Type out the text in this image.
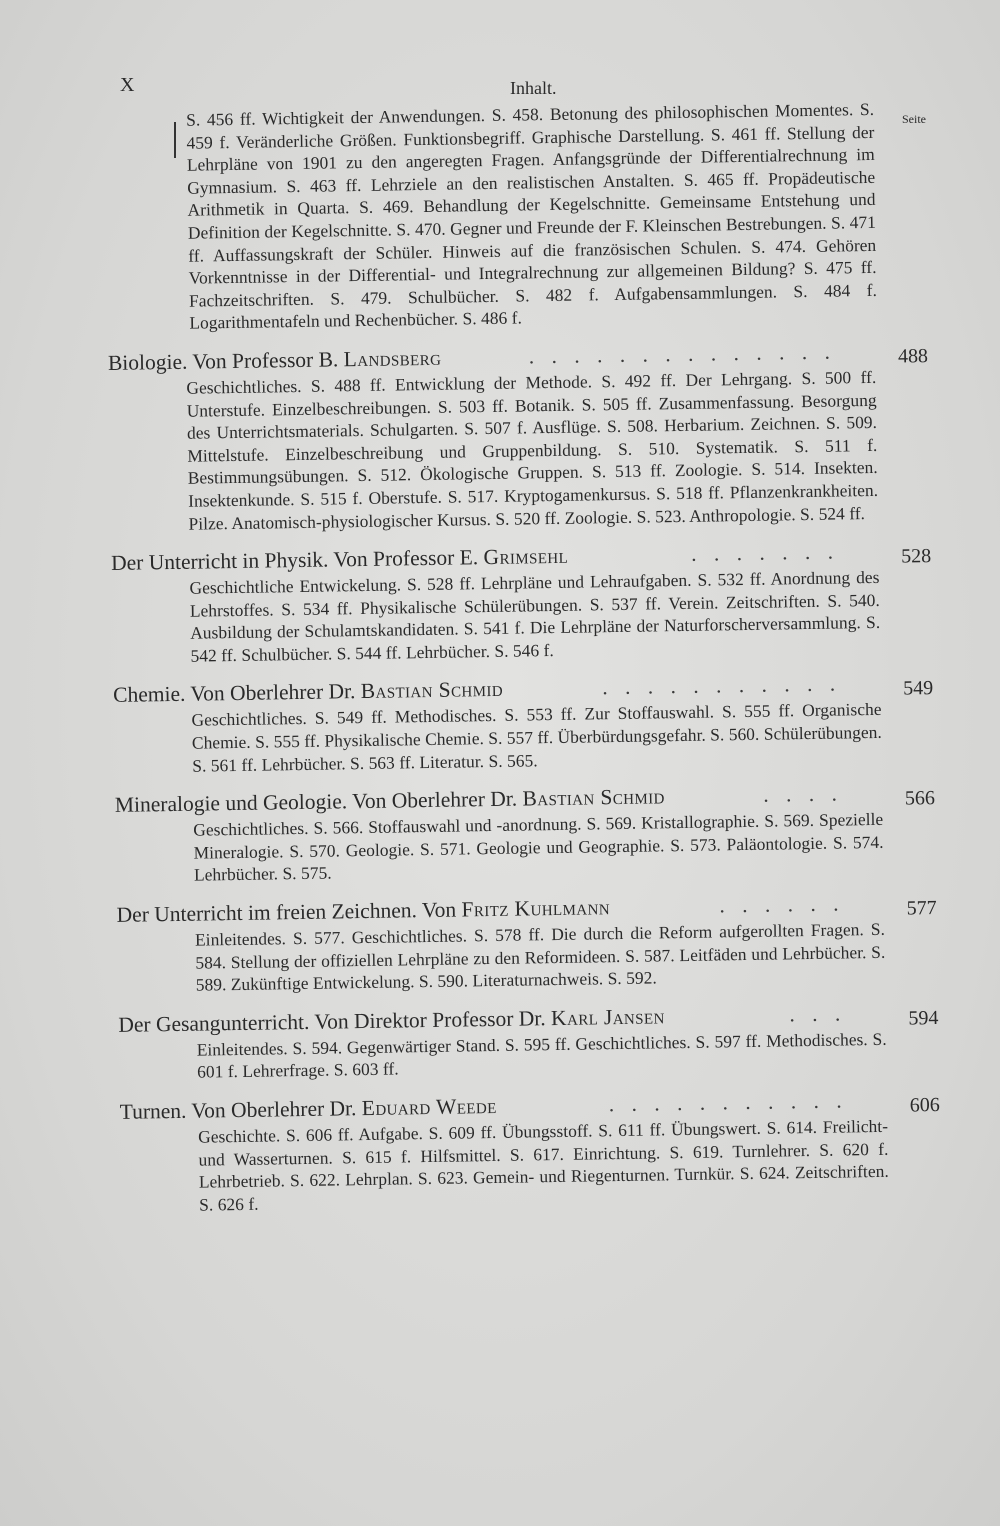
X	Inhalt.
Seite
S. 456 ff. Wichtigkeit der Anwendungen. S. 458. Betonung des philosophischen Momentes. S. 459 f. Veränderliche Größen. Funktionsbegriff. Graphische Darstellung. S. 461 ff. Stellung der Lehrpläne von 1901 zu den angeregten Fragen. Anfangsgründe der Differentialrechnung im Gymnasium. S. 463 ff. Lehrziele an den realistischen Anstalten. S. 465 ff. Propädeutische Arithmetik in Quarta. S. 469. Behandlung der Kegelschnitte. Gemeinsame Entstehung und Definition der Kegelschnitte. S. 470. Gegner und Freunde der F. Kleinschen Bestrebungen. S. 471 ff. Auffassungskraft der Schüler. Hinweis auf die französischen Schulen. S. 474. Gehören Vorkenntnisse in der Differential- und Integralrechnung zur allgemeinen Bildung? S. 475 ff. Fachzeitschriften. S. 479. Schulbücher. S. 482 f. Aufgabensammlungen. S. 484 f. Logarithmentafeln und Rechenbücher. S. 486 f.
Biologie. Von Professor B. Landsberg	. . . . . . . . . . . . . .	488
Geschichtliches. S. 488 ff. Entwicklung der Methode. S. 492 ff. Der Lehrgang. S. 500 ff. Unterstufe. Einzelbeschreibungen. S. 503 ff. Botanik. S. 505 ff. Zusammenfassung. Besorgung des Unterrichtsmaterials. Schulgarten. S. 507 f. Ausflüge. S. 508. Herbarium. Zeichnen. S. 509. Mittelstufe. Einzelbeschreibung und Gruppenbildung. S. 510. Systematik. S. 511 f. Bestimmungsübungen. S. 512. Ökologische Gruppen. S. 513 ff. Zoologie. S. 514. Insekten. Insektenkunde. S. 515 f. Oberstufe. S. 517. Kryptogamenkursus. S. 518 ff. Pflanzenkrankheiten. Pilze. Anatomisch-physiologischer Kursus. S. 520 ff. Zoologie. S. 523. Anthropologie. S. 524 ff.
Der Unterricht in Physik. Von Professor E. Grimsehl	. . . . . . .	528
Geschichtliche Entwickelung. S. 528 ff. Lehrpläne und Lehraufgaben. S. 532 ff. Anordnung des Lehrstoffes. S. 534 ff. Physikalische Schülerübungen. S. 537 ff. Verein. Zeitschriften. S. 540. Ausbildung der Schulamtskandidaten. S. 541 f. Die Lehrpläne der Naturforscherversammlung. S. 542 ff. Schulbücher. S. 544 ff. Lehrbücher. S. 546 f.
Chemie. Von Oberlehrer Dr. Bastian Schmid	. . . . . . . . . . .	549
Geschichtliches. S. 549 ff. Methodisches. S. 553 ff. Zur Stoffauswahl. S. 555 ff. Organische Chemie. S. 555 ff. Physikalische Chemie. S. 557 ff. Überbürdungsgefahr. S. 560. Schülerübungen. S. 561 ff. Lehrbücher. S. 563 ff. Literatur. S. 565.
Mineralogie und Geologie. Von Oberlehrer Dr. Bastian Schmid	. . . .	566
Geschichtliches. S. 566. Stoffauswahl und -anordnung. S. 569. Kristallographie. S. 569. Spezielle Mineralogie. S. 570. Geologie. S. 571. Geologie und Geographie. S. 573. Paläontologie. S. 574. Lehrbücher. S. 575.
Der Unterricht im freien Zeichnen. Von Fritz Kuhlmann	. . . . . .	577
Einleitendes. S. 577. Geschichtliches. S. 578 ff. Die durch die Reform aufgerollten Fragen. S. 584. Stellung der offiziellen Lehrpläne zu den Reformideen. S. 587. Leitfäden und Lehrbücher. S. 589. Zukünftige Entwickelung. S. 590. Literaturnachweis. S. 592.
Der Gesangunterricht. Von Direktor Professor Dr. Karl Jansen	. . .	594
Einleitendes. S. 594. Gegenwärtiger Stand. S. 595 ff. Geschichtliches. S. 597 ff. Methodisches. S. 601 f. Lehrerfrage. S. 603 ff.
Turnen. Von Oberlehrer Dr. Eduard Weede	. . . . . . . . . . .	606
Geschichte. S. 606 ff. Aufgabe. S. 609 ff. Übungsstoff. S. 611 ff. Übungswert. S. 614. Freilicht- und Wasserturnen. S. 615 f. Hilfsmittel. S. 617. Einrichtung. S. 619. Turnlehrer. S. 620 f. Lehrbetrieb. S. 622. Lehrplan. S. 623. Gemein- und Riegenturnen. Turnkür. S. 624. Zeitschriften. S. 626 f.
